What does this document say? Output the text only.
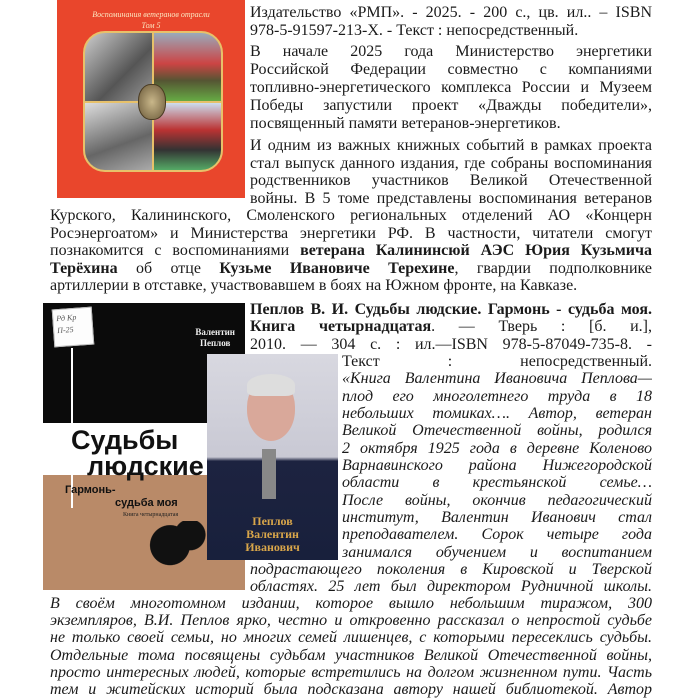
Воспоминания ветеранов отрасли
Том 5
Издательство «РМП». - 2025. - 200 с., цв. ил.. – ISBN
978-5-91597-213-Х. - Текст : непосредственный.
В начале 2025 года Министерство энергетики
Российской Федерации совместно с компаниями
топливно-энергетического комплекса России и Музеем
Победы запустили проект «Дважды победители»,
посвященный памяти ветеранов-энергетиков.
И одним из важных книжных событий в рамках проекта
стал выпуск данного издания, где собраны воспоминания
родственников участников Великой Отечественной
войны. В 5 томе представлены воспоминания ветеранов
Курского, Калининского, Смоленского региональных отделений АО «Концерн
Росэнергоатом» и Министерства энергетики РФ. В частности, читатели смогут
познакомится с воспоминаниями ветерана Калининсюй АЭС Юрия Кузьмича
Терёхина об отце Кузьме Ивановиче Терехине, гвардии подполковнике
артиллерии в отставке, участвовавшем в боях на Южном фронте, на Кавказе.
Рд Кр
П-25	Валентин
Пеплов
Судьбы
людские
Гармонь-
судьба моя
Книга четырнадцатая	Пеплов
Валентин
Иванович
Пеплов В. И. Судьбы людские. Гармонь - судьба моя.
Книга четырнадцатая. — Тверь : [б. и.],
2010. — 304 с. : ил.—ISBN 978-5-87049-735-8. -
Текст : непосредственный.
«Книга Валентина Ивановича Пеплова—
плод его многолетнего труда в 18
небольших томиках…. Автор, ветеран
Великой Отечественной войны, родился
2 октября 1925 года в деревне Коленово
Варнавинского района Нижегородской
области в крестьянской семье…
После войны, окончив педагогический
институт, Валентин Иванович стал
преподавателем. Сорок четыре года
занимался обучением и воспитанием
подрастающего поколения в Кировской и Тверской
областях. 25 лет был директором Рудничной школы.
В своём многотомном издании, которое вышло небольшим тиражом, 300
экземпляров, В.И. Пеплов ярко, честно и откровенно рассказал о непростой судьбе
не только своей семьи, но многих семей лишенцев, с которыми пересеклись судьбы.
Отдельные тома посвящены судьбам участников Великой Отечественной войны,
просто интересных людей, которые встретились на долгом жизненном пути. Часть
тем и житейских историй была подсказана автору нашей библиотекой. Автор
